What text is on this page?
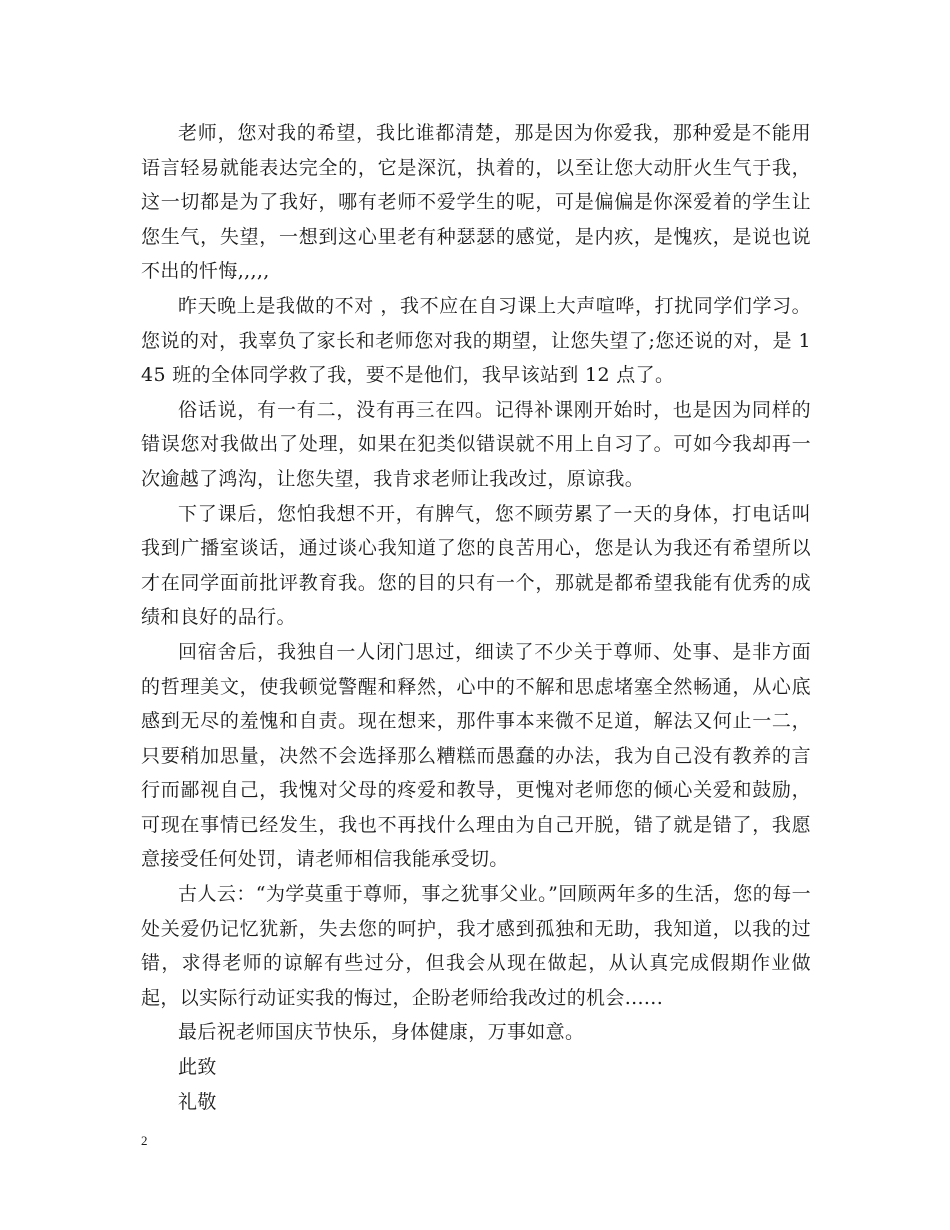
老师，您对我的希望，我比谁都清楚，那是因为你爱我，那种爱是不能用语言轻易就能表达完全的，它是深沉，执着的，以至让您大动肝火生气于我，这一切都是为了我好，哪有老师不爱学生的呢，可是偏偏是你深爱着的学生让您生气，失望，一想到这心里老有种瑟瑟的感觉，是内疚，是愧疚，是说也说不出的忏悔,,,,,

昨天晚上是我做的不对 ，我不应在自习课上大声喧哗，打扰同学们学习。您说的对，我辜负了家长和老师您对我的期望，让您失望了;您还说的对，是 145 班的全体同学救了我，要不是他们，我早该站到 12 点了。

俗话说，有一有二，没有再三在四。记得补课刚开始时，也是因为同样的错误您对我做出了处理，如果在犯类似错误就不用上自习了。可如今我却再一次逾越了鸿沟，让您失望，我肯求老师让我改过，原谅我。

下了课后，您怕我想不开，有脾气，您不顾劳累了一天的身体，打电话叫我到广播室谈话，通过谈心我知道了您的良苦用心，您是认为我还有希望所以才在同学面前批评教育我。您的目的只有一个，那就是都希望我能有优秀的成绩和良好的品行。

回宿舍后，我独自一人闭门思过，细读了不少关于尊师、处事、是非方面的哲理美文，使我顿觉警醒和释然，心中的不解和思虑堵塞全然畅通，从心底感到无尽的羞愧和自责。现在想来，那件事本来微不足道，解法又何止一二，只要稍加思量，决然不会选择那么糟糕而愚蠢的办法，我为自己没有教养的言行而鄙视自己，我愧对父母的疼爱和教导，更愧对老师您的倾心关爱和鼓励，可现在事情已经发生，我也不再找什么理由为自己开脱，错了就是错了，我愿意接受任何处罚，请老师相信我能承受切。

古人云：“为学莫重于尊师，事之犹事父业。”回顾两年多的生活，您的每一处关爱仍记忆犹新，失去您的呵护，我才感到孤独和无助，我知道，以我的过错，求得老师的谅解有些过分，但我会从现在做起，从认真完成假期作业做起，以实际行动证实我的悔过，企盼老师给我改过的机会......

最后祝老师国庆节快乐，身体健康，万事如意。

此致

礼敬

2
